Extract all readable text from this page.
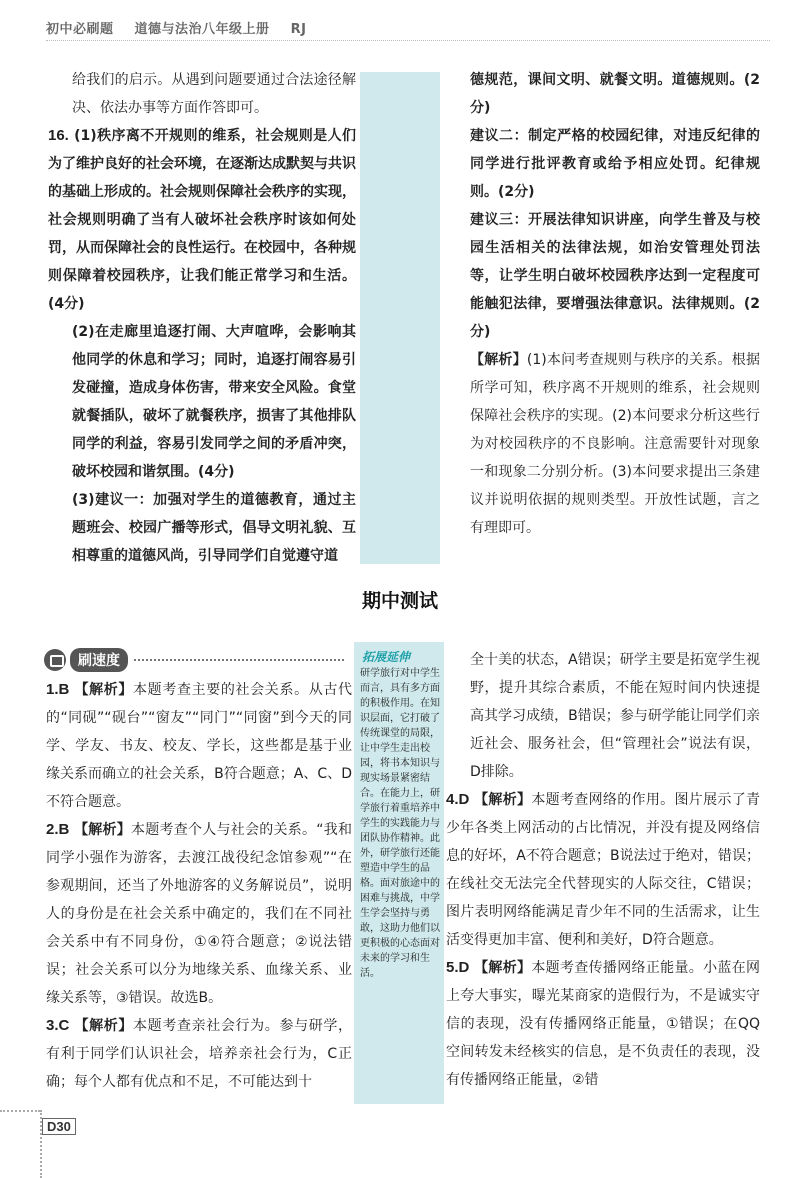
初中必刷题 道德与法治八年级上册 RJ

给我们的启示。从遇到问题要通过合法途径解决、依法办事等方面作答即可。

16. (1)秩序离不开规则的维系，社会规则是人们为了维护良好的社会环境，在逐渐达成默契与共识的基础上形成的。社会规则保障社会秩序的实现，社会规则明确了当有人破坏社会秩序时该如何处罚，从而保障社会的良性运行。在校园中，各种规则保障着校园秩序，让我们能正常学习和生活。(4分)

(2)在走廊里追逐打闹、大声喧哗，会影响其他同学的休息和学习；同时，追逐打闹容易引发碰撞，造成身体伤害，带来安全风险。食堂就餐插队，破坏了就餐秩序，损害了其他排队同学的利益，容易引发同学之间的矛盾冲突，破坏校园和谐氛围。(4分)

(3)建议一：加强对学生的道德教育，通过主题班会、校园广播等形式，倡导文明礼貌、互相尊重的道德风尚，引导同学们自觉遵守道

德规范，课间文明、就餐文明。道德规则。(2分)

建议二：制定严格的校园纪律，对违反纪律的同学进行批评教育或给予相应处罚。纪律规则。(2分)

建议三：开展法律知识讲座，向学生普及与校园生活相关的法律法规，如治安管理处罚法等，让学生明白破坏校园秩序达到一定程度可能触犯法律，要增强法律意识。法律规则。(2分)

【解析】(1)本问考查规则与秩序的关系。根据所学可知，秩序离不开规则的维系，社会规则保障社会秩序的实现。(2)本问要求分析这些行为对校园秩序的不良影响。注意需要针对现象一和现象二分别分析。(3)本问要求提出三条建议并说明依据的规则类型。开放性试题，言之有理即可。

期中测试
刷速度	拓展延伸
研学旅行对中学生而言，具有多方面的积极作用。在知识层面，它打破了传统课堂的局限，让中学生走出校园，将书本知识与现实场景紧密结合。在能力上，研学旅行着重培养中学生的实践能力与团队协作精神。此外，研学旅行还能塑造中学生的品格。面对旅途中的困难与挑战，中学生学会坚持与勇敢，这助力他们以更积极的心态面对未来的学习和生活。

1.B 【解析】本题考查主要的社会关系。从古代的“同砚”“砚台”“窗友”“同门”“同窗”到今天的同学、学友、书友、校友、学长，这些都是基于业缘关系而确立的社会关系，B符合题意；A、C、D不符合题意。

2.B 【解析】本题考查个人与社会的关系。“我和同学小强作为游客，去渡江战役纪念馆参观”“在参观期间，还当了外地游客的义务解说员”，说明人的身份是在社会关系中确定的，我们在不同社会关系中有不同身份，①④符合题意；②说法错误；社会关系可以分为地缘关系、血缘关系、业缘关系等，③错误。故选B。

3.C 【解析】本题考查亲社会行为。参与研学，有利于同学们认识社会，培养亲社会行为，C正确；每个人都有优点和不足，不可能达到十

全十美的状态，A错误；研学主要是拓宽学生视野，提升其综合素质，不能在短时间内快速提高其学习成绩，B错误；参与研学能让同学们亲近社会、服务社会，但“管理社会”说法有误，D排除。

4.D 【解析】本题考查网络的作用。图片展示了青少年各类上网活动的占比情况，并没有提及网络信息的好坏，A不符合题意；B说法过于绝对，错误；在线社交无法完全代替现实的人际交往，C错误；图片表明网络能满足青少年不同的生活需求，让生活变得更加丰富、便利和美好，D符合题意。

5.D 【解析】本题考查传播网络正能量。小蓝在网上夸大事实，曝光某商家的造假行为，不是诚实守信的表现，没有传播网络正能量，①错误；在QQ空间转发未经核实的信息，是不负责任的表现，没有传播网络正能量，②错

D30
